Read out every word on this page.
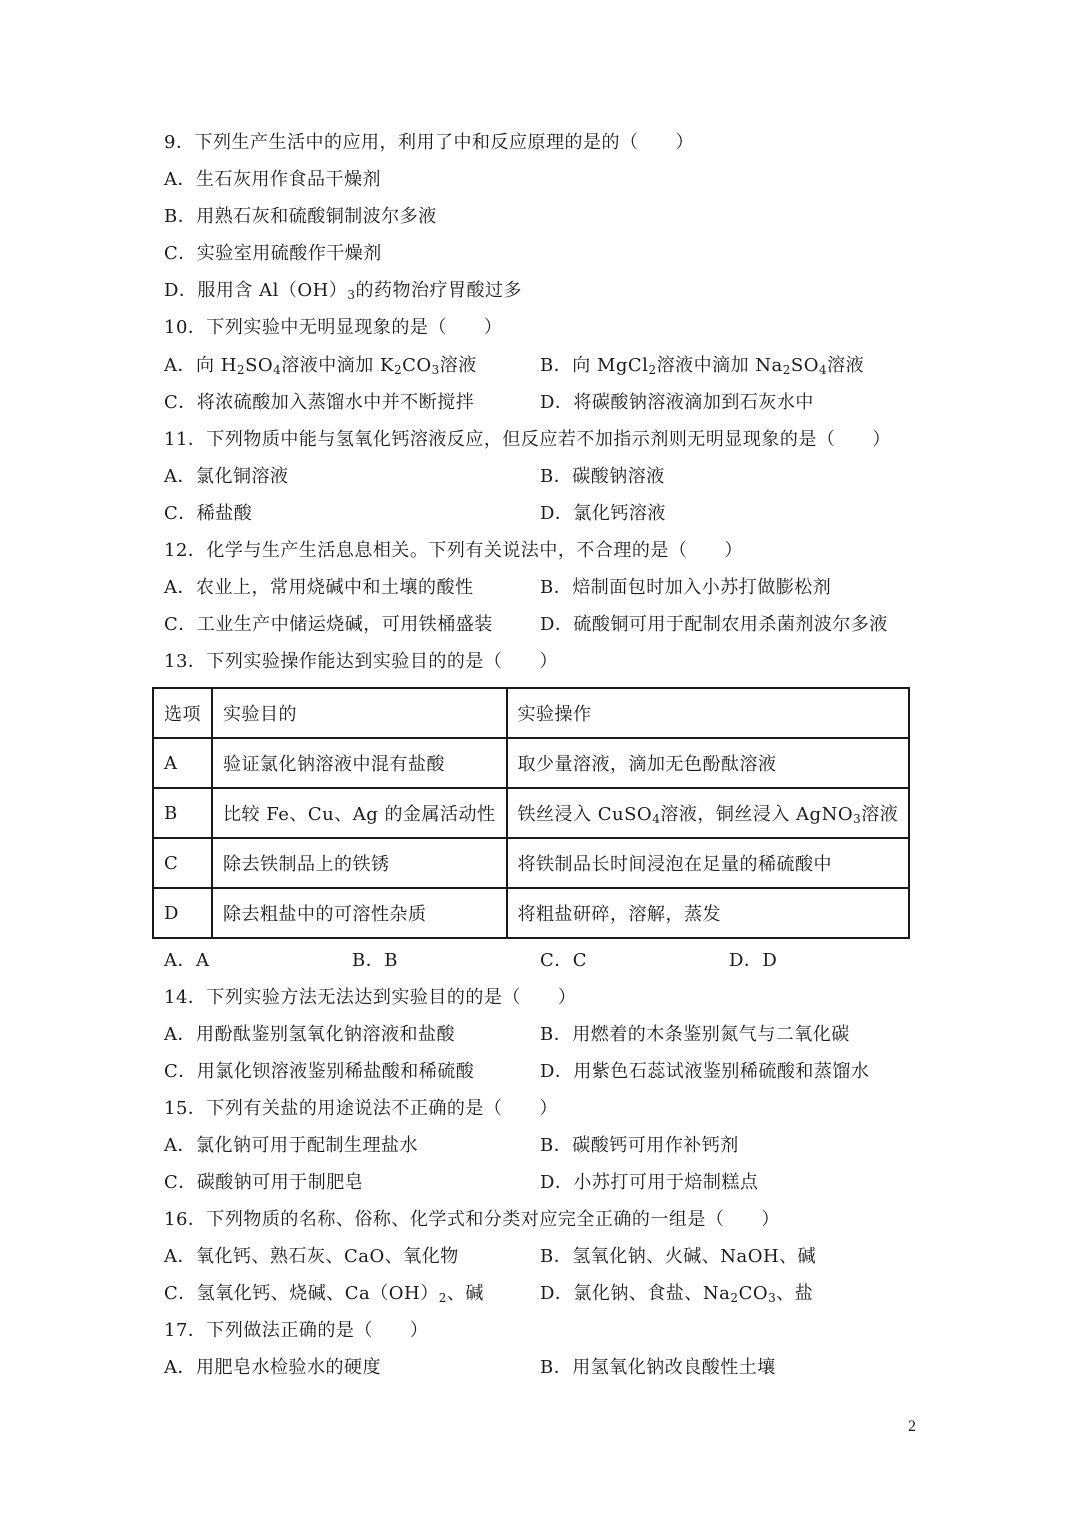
9．下列生产生活中的应用，利用了中和反应原理的是的（　　）
A．生石灰用作食品干燥剂
B．用熟石灰和硫酸铜制波尔多液
C．实验室用硫酸作干燥剂
D．服用含 $Al(OH)_3$的药物治疗胃酸过多
10．下列实验中无明显现象的是（　　）
A．向 $H_2SO_4$溶液中滴加 $K_2CO_3$溶液	B．向 MgCl$_2$溶液中滴加 $Na_2SO_4$溶液
C．将浓硫酸加入蒸馏水中并不断搅拌	D．将碳酸钠溶液滴加到石灰水中
11．下列物质中能与氢氧化钙溶液反应，但反应若不加指示剂则无明显现象的是（　　）
A．氯化铜溶液	B．碳酸钠溶液
C．稀盐酸	D．氯化钙溶液
12．化学与生产生活息息相关。下列有关说法中，不合理的是（　　）
A．农业上，常用烧碱中和土壤的酸性	B．焙制面包时加入小苏打做膨松剂
C．工业生产中储运烧碱，可用铁桶盛装	D．硫酸铜可用于配制农用杀菌剂波尔多液
13．下列实验操作能达到实验目的的是（　　）
选项	实验目的	实验操作
A	验证氯化钠溶液中混有盐酸	取少量溶液，滴加无色酚酞溶液
B	比较 Fe、Cu、Ag 的金属活动性	铁丝浸入 CuSO$_4$溶液，铜丝浸入 AgNO$_3$溶液
C	除去铁制品上的铁锈	将铁制品长时间浸泡在足量的稀硫酸中
D	除去粗盐中的可溶性杂质	将粗盐研碎，溶解，蒸发
A．A	B．B	C．C	D．D
14．下列实验方法无法达到实验目的的是（　　）
A．用酚酞鉴别氢氧化钠溶液和盐酸	B．用燃着的木条鉴别氮气与二氧化碳
C．用氯化钡溶液鉴别稀盐酸和稀硫酸	D．用紫色石蕊试液鉴别稀硫酸和蒸馏水
15．下列有关盐的用途说法不正确的是（　　）
A．氯化钠可用于配制生理盐水	B．碳酸钙可用作补钙剂
C．碳酸钠可用于制肥皂	D．小苏打可用于焙制糕点
16．下列物质的名称、俗称、化学式和分类对应完全正确的一组是（　　）
A．氧化钙、熟石灰、CaO、氧化物	B．氢氧化钠、火碱、NaOH、碱
C．氢氧化钙、烧碱、$Ca(OH)_2$、碱	D．氯化钠、食盐、$Na_2CO_3$、盐
17．下列做法正确的是（　　）
A．用肥皂水检验水的硬度	B．用氢氧化钠改良酸性土壤
2
